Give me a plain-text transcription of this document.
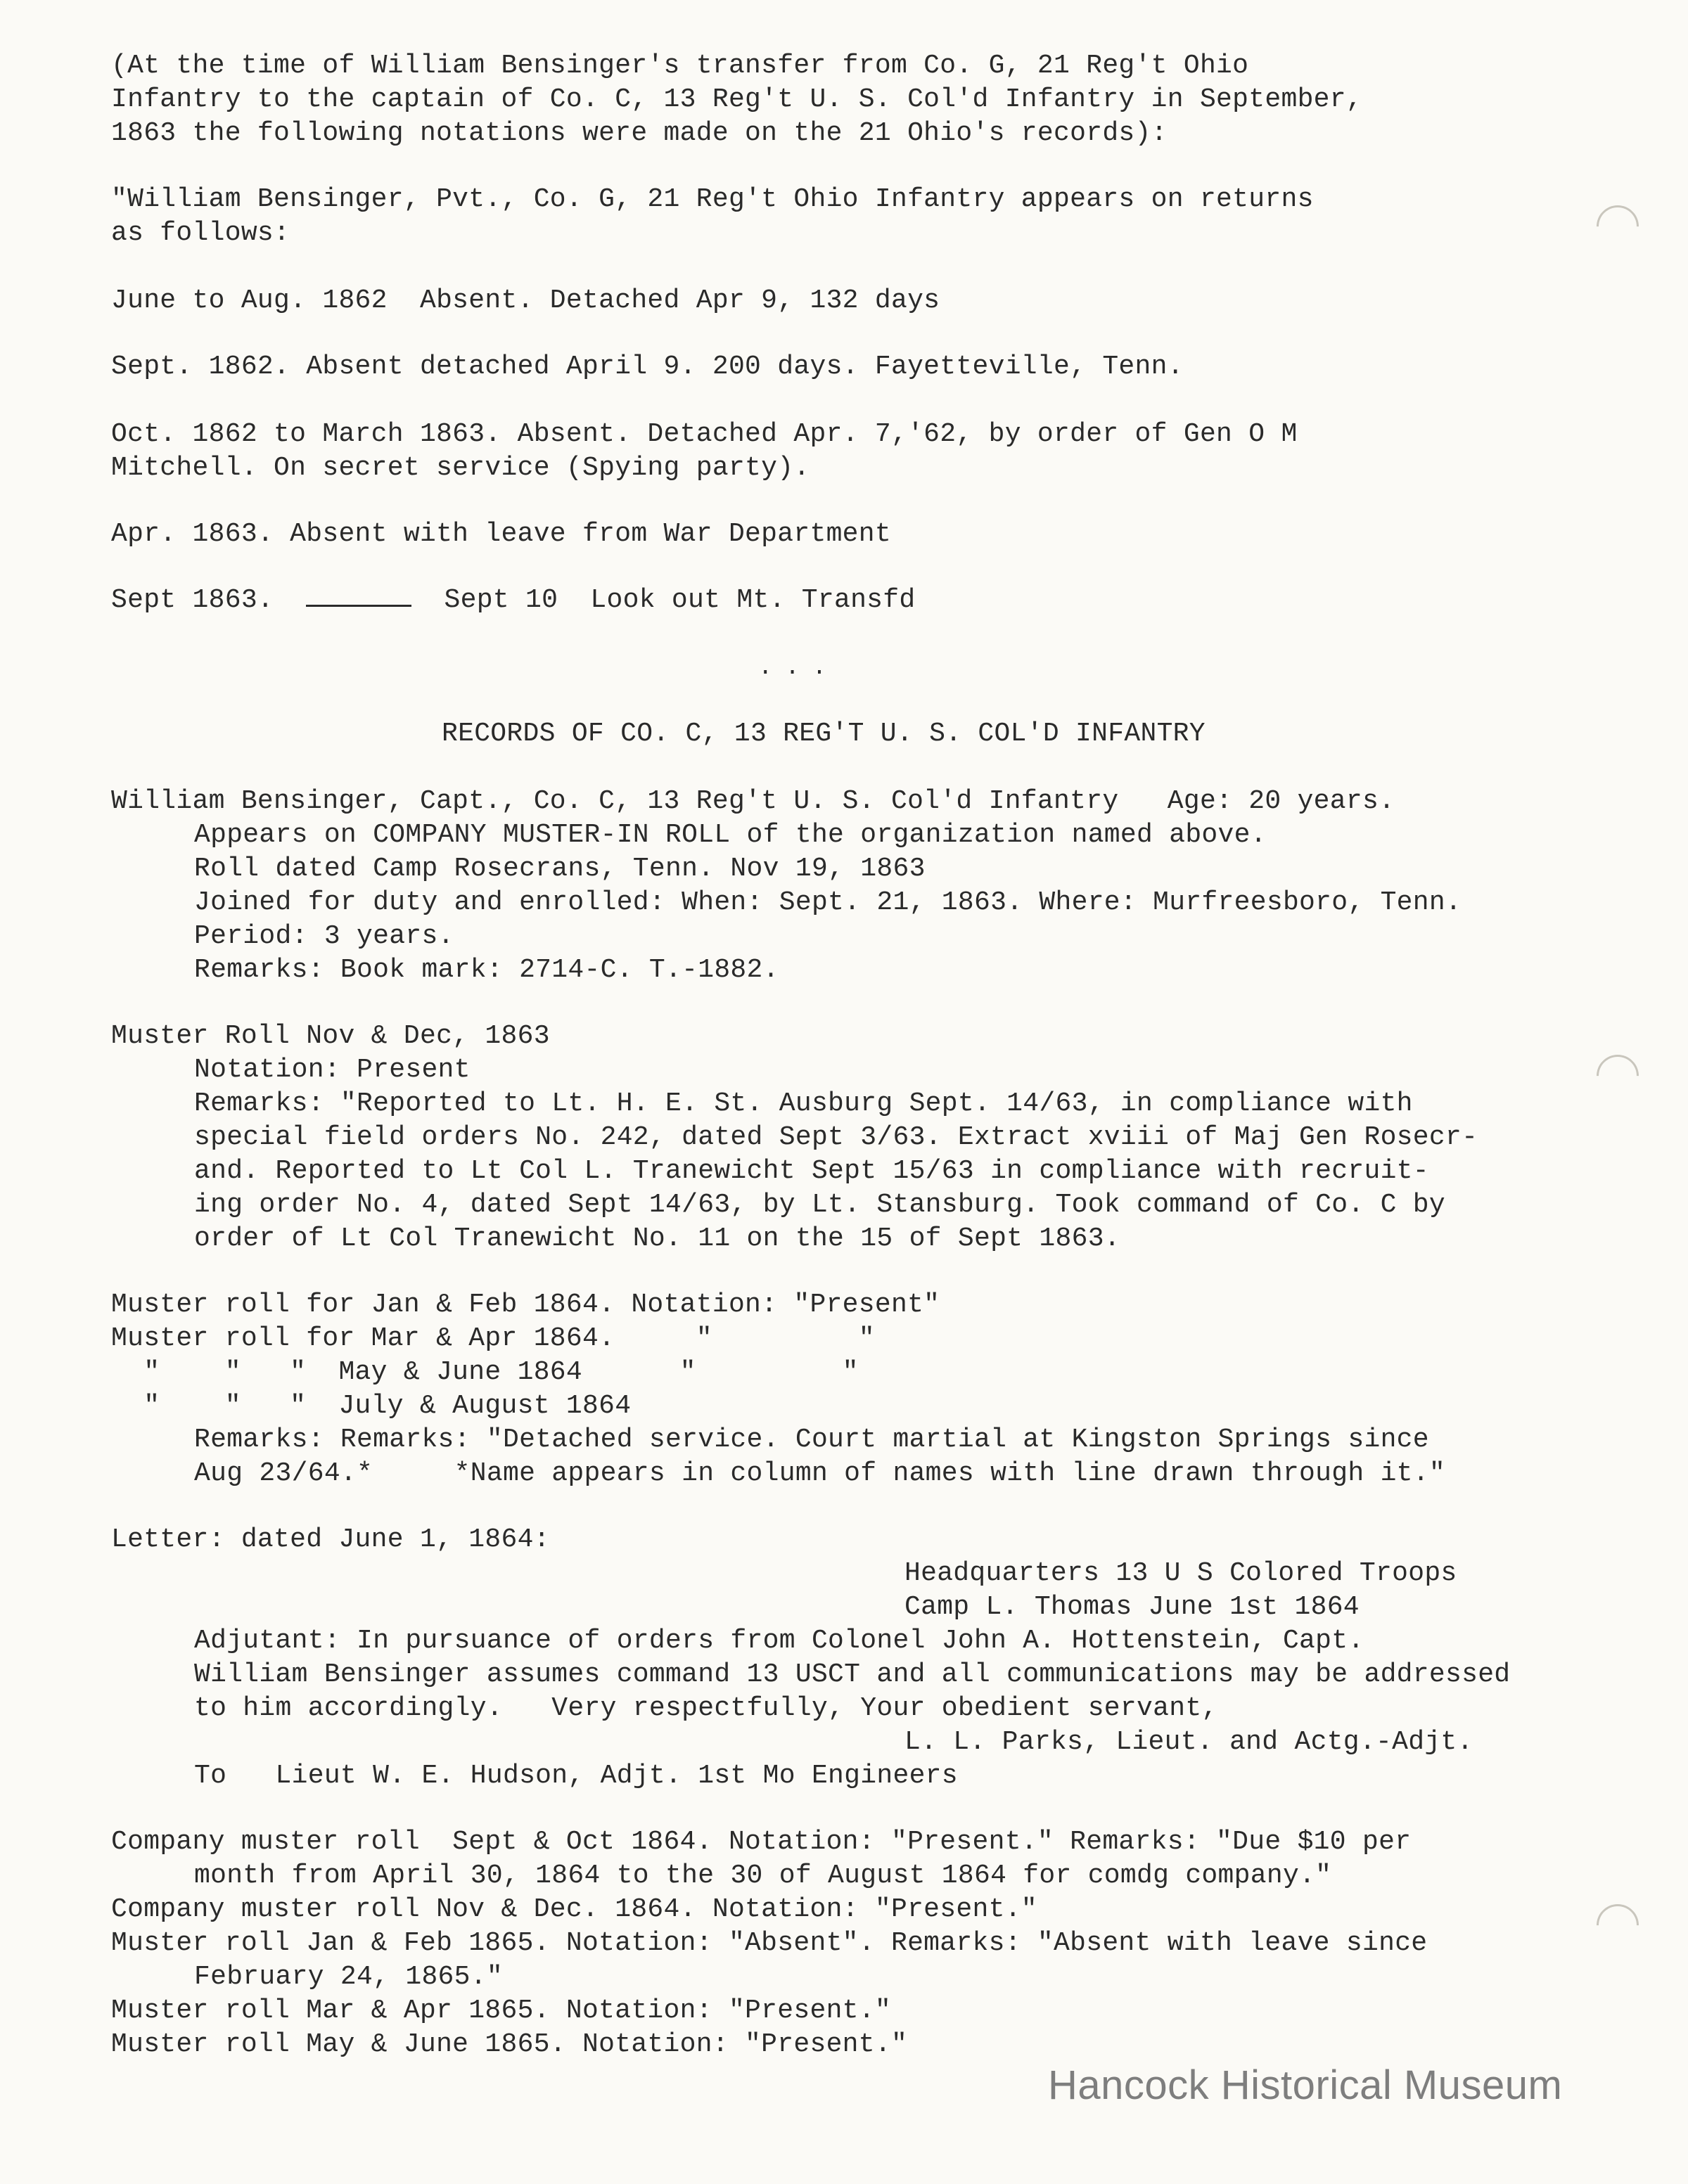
(At the time of William Bensinger's transfer from Co. G, 21 Reg't Ohio
Infantry to the captain of Co. C, 13 Reg't U. S. Col'd Infantry in September,
1863 the following notations were made on the 21 Ohio's records):
"William Bensinger, Pvt., Co. G, 21 Reg't Ohio Infantry appears on returns
as follows:
June to Aug. 1862  Absent. Detached Apr 9, 132 days
Sept. 1862. Absent detached April 9. 200 days. Fayetteville, Tenn.
Oct. 1862 to March 1863. Absent. Detached Apr. 7,'62, by order of Gen O M
Mitchell. On secret service (Spying party).
Apr. 1863. Absent with leave from War Department
Sept 1863.	Sept 10  Look out Mt. Transfd
...
RECORDS OF CO. C, 13 REG'T U. S. COL'D INFANTRY
William Bensinger, Capt., Co. C, 13 Reg't U. S. Col'd Infantry   Age: 20 years.
Appears on COMPANY MUSTER-IN ROLL of the organization named above.
Roll dated Camp Rosecrans, Tenn. Nov 19, 1863
Joined for duty and enrolled: When: Sept. 21, 1863. Where: Murfreesboro, Tenn.
Period: 3 years.
Remarks: Book mark: 2714-C. T.-1882.
Muster Roll Nov & Dec, 1863
Notation: Present
Remarks: "Reported to Lt. H. E. St. Ausburg Sept. 14/63, in compliance with
special field orders No. 242, dated Sept 3/63. Extract xviii of Maj Gen Rosecr-
and. Reported to Lt Col L. Tranewicht Sept 15/63 in compliance with recruit-
ing order No. 4, dated Sept 14/63, by Lt. Stansburg. Took command of Co. C by
order of Lt Col Tranewicht No. 11 on the 15 of Sept 1863.
Muster roll for Jan & Feb 1864. Notation: "Present"
Muster roll for Mar & Apr 1864.     "         "
"    "   "  May & June 1864      "         "
"    "   "  July & August 1864
Remarks: Remarks: "Detached service. Court martial at Kingston Springs since
Aug 23/64.*     *Name appears in column of names with line drawn through it."
Letter: dated June 1, 1864:
Headquarters 13 U S Colored Troops
Camp L. Thomas June 1st 1864
Adjutant: In pursuance of orders from Colonel John A. Hottenstein, Capt.
William Bensinger assumes command 13 USCT and all communications may be addressed
to him accordingly.   Very respectfully, Your obedient servant,
L. L. Parks, Lieut. and Actg.-Adjt.
To   Lieut W. E. Hudson, Adjt. 1st Mo Engineers
Company muster roll  Sept & Oct 1864. Notation: "Present." Remarks: "Due $10 per
month from April 30, 1864 to the 30 of August 1864 for comdg company."
Company muster roll Nov & Dec. 1864. Notation: "Present."
Muster roll Jan & Feb 1865. Notation: "Absent". Remarks: "Absent with leave since
February 24, 1865."
Muster roll Mar & Apr 1865. Notation: "Present."
Muster roll May & June 1865. Notation: "Present."
Hancock Historical Museum
